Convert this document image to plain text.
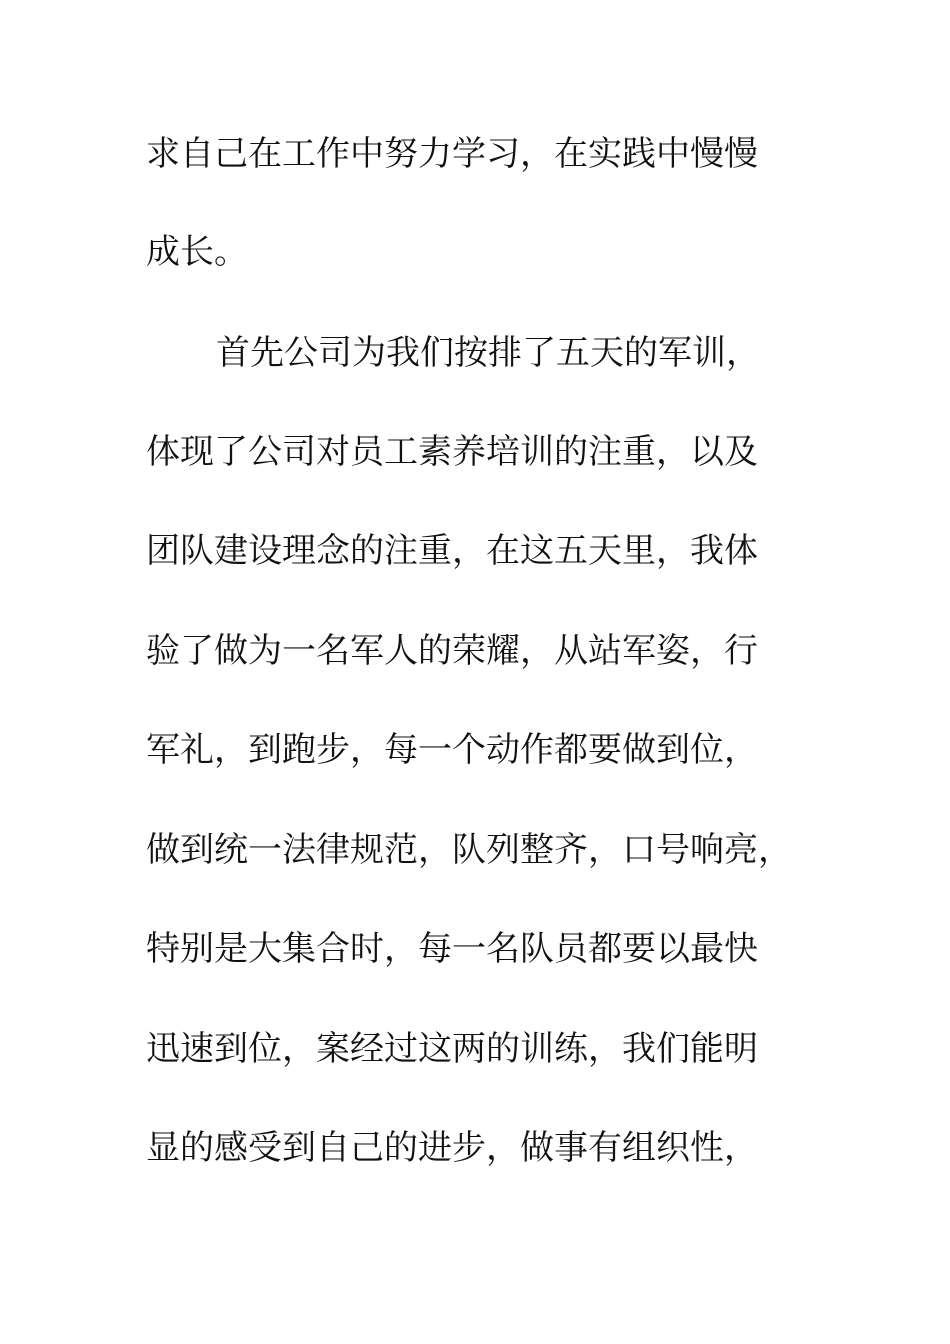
求自己在工作中努力学习，在实践中慢慢
成长。
首先公司为我们按排了五天的军训，
体现了公司对员工素养培训的注重，以及
团队建设理念的注重，在这五天里，我体
验了做为一名军人的荣耀，从站军姿，行
军礼，到跑步，每一个动作都要做到位，
做到统一法律规范，队列整齐，口号响亮，
特别是大集合时，每一名队员都要以最快
迅速到位，案经过这两的训练，我们能明
显的感受到自己的进步，做事有组织性，
